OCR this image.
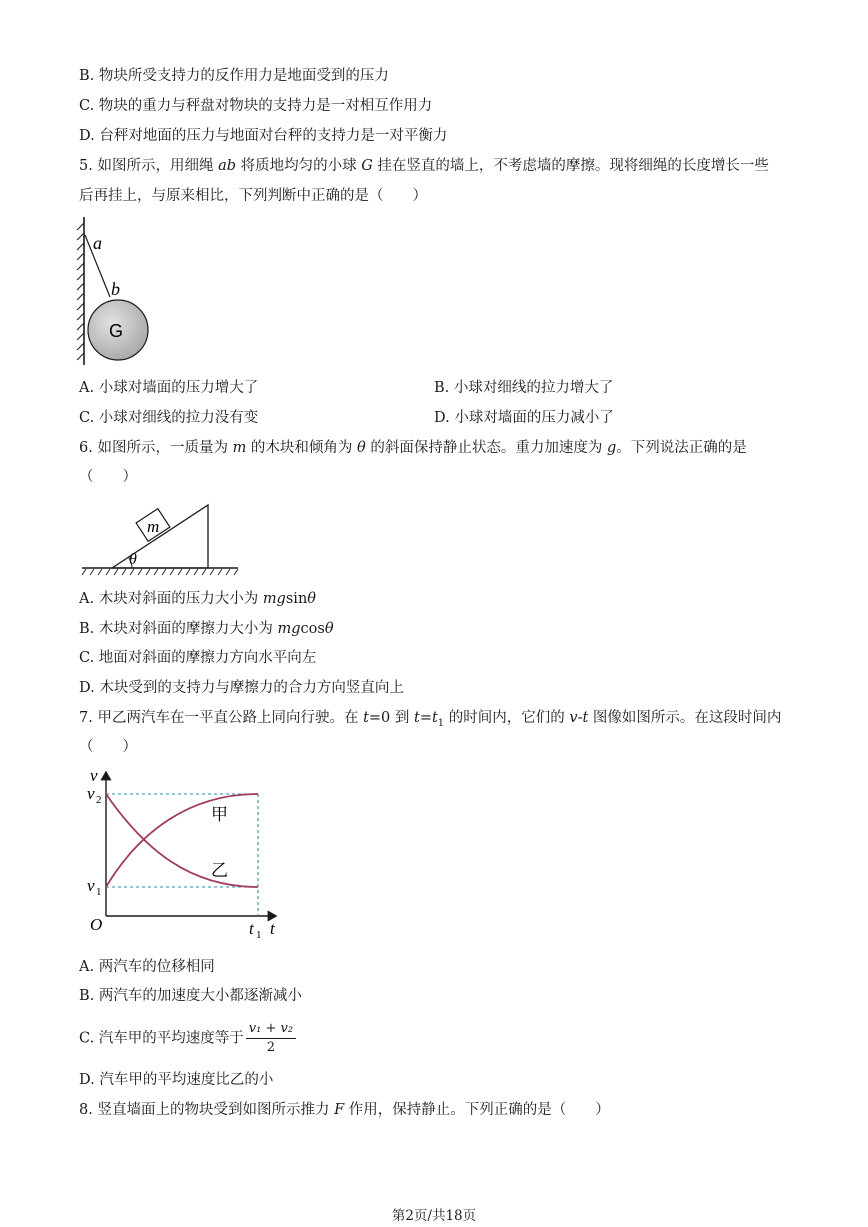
B. 物块所受支持力的反作用力是地面受到的压力
C. 物块的重力与秤盘对物块的支持力是一对相互作用力
D. 台秤对地面的压力与地面对台秤的支持力是一对平衡力
5. 如图所示，用细绳 ab 将质地均匀的小球 G 挂在竖直的墙上，不考虑墙的摩擦。现将细绳的长度增长一些
后再挂上，与原来相比，下列判断中正确的是（　　）
a
b
G
A. 小球对墙面的压力增大了	B. 小球对细线的拉力增大了
C. 小球对细线的拉力没有变	D. 小球对墙面的压力减小了
6. 如图所示，一质量为 m 的木块和倾角为 θ 的斜面保持静止状态。重力加速度为 g。下列说法正确的是
（　　）
m
θ
A. 木块对斜面的压力大小为 mgsinθ
B. 木块对斜面的摩擦力大小为 mgcosθ
C. 地面对斜面的摩擦力方向水平向左
D. 木块受到的支持力与摩擦力的合力方向竖直向上
7. 甲乙两汽车在一平直公路上同向行驶。在 t=0 到 $t=t_1$ 的时间内，它们的 v-t 图像如图所示。在这段时间内
（　　）
v
t
O
v 2
v 1
t 1
甲
乙
A. 两汽车的位移相同
B. 两汽车的加速度大小都逐渐减小
C. 汽车甲的平均速度等于 $\frac{\text{v₁ + v₂}}{2}$
D. 汽车甲的平均速度比乙的小
8. 竖直墙面上的物块受到如图所示推力 F 作用，保持静止。下列正确的是（　　）
第2页/共18页
